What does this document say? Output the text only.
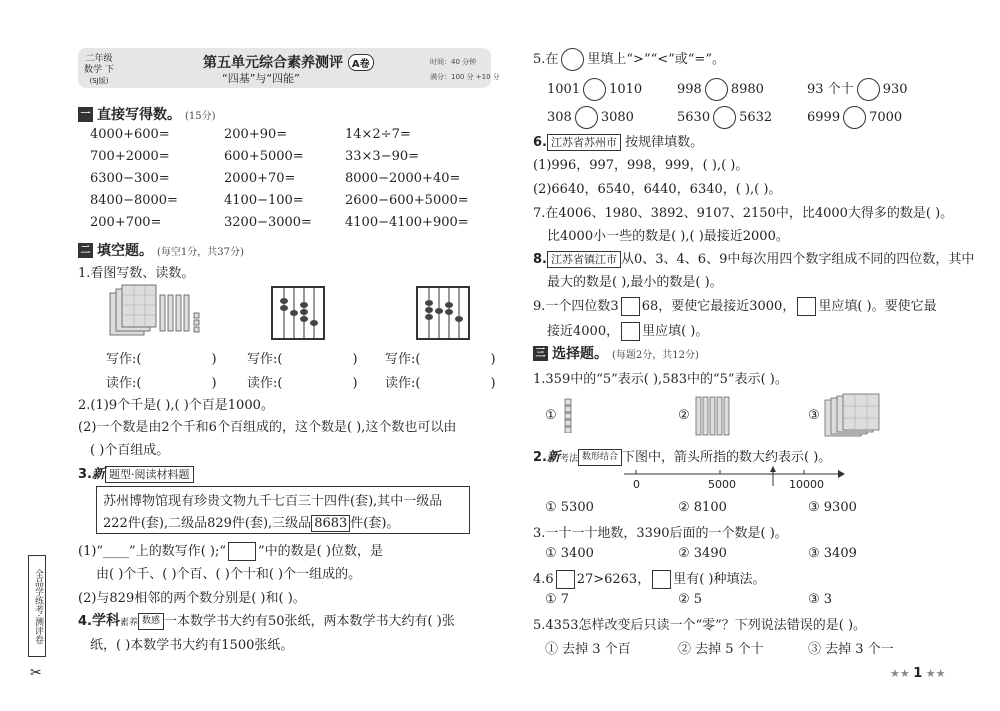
二年级
数学 下
(SJ版)
第五单元综合素养测评 A卷
“四基”与“四能”
时间：40 分钟
满分：100 分 +10 分
全品学练考·测评卷
✂
一 直接写得数。 (15分)
4000+600=	200+90=	14×2÷7=
700+2000=	600+5000=	33×3−90=
6300−300=	2000+70=	8000−2000+40=
8400−8000=	4100−100=	2600−600+5000=
200+700=	3200−3000=	4100−4100+900=
二 填空题。 (每空1分，共37分)
1.看图写数、读数。
写作:(	) 写作:(	) 写作:(	)
读作:(	) 读作:(	) 读作:(	)
2.(1)9个千是( ),( )个百是1000。
(2)一个数是由2个千和6个百组成的，这个数是( ),这个数也可以由
( )个百组成。
3.新 题型·阅读材料题
苏州博物馆现有珍贵文物九千七百三十四件(套),其中一级品
222件(套),二级品829件(套),三级品 8683 件(套)。
(1)“____”上的数写作( );“ ”中的数是( )位数，是
由( )个千、( )个百、( )个十和( )个一组成的。
(2)与829相邻的两个数分别是( )和( )。
4.学科素养 数感 一本数学书大约有50张纸，两本数学书大约有( )张
纸，( )本数学书大约有1500张纸。
5.在 里填上“>”“<”或“=”。
1001 1010	998 8980	93 个十 930
308 3080	5630 5632	6999 7000
6. 江苏省苏州市 按规律填数。
(1)996，997，998，999，( ),( )。
(2)6640，6540，6440，6340，( ),( )。
7.在4006、1980、3892、9107、2150中，比4000大得多的数是( )。
比4000小一些的数是( ),( )最接近2000。
8. 江苏省镇江市 从0、3、4、6、9中每次用四个数字组成不同的四位数，其中
最大的数是( ),最小的数是( )。
9.一个四位数3 68，要使它最接近3000， 里应填( )。要使它最
接近4000， 里应填( )。
三 选择题。 (每题2分，共12分)
1.359中的“5”表示( ),583中的“5”表示( )。
①	②	③
2.新考法 数形结合 下图中，箭头所指的数大约表示( )。
0	5000	10000
① 5300	② 8100	③ 9300
3.一十一十地数，3390后面的一个数是( )。
① 3400	② 3490	③ 3409
4.6 27>6263， 里有( )种填法。
① 7	② 5	③ 3
5.4353怎样改变后只读一个“零”？下列说法错误的是( )。
① 去掉 3 个百	② 去掉 5 个十	③ 去掉 3 个一
★★ 1 ★★
